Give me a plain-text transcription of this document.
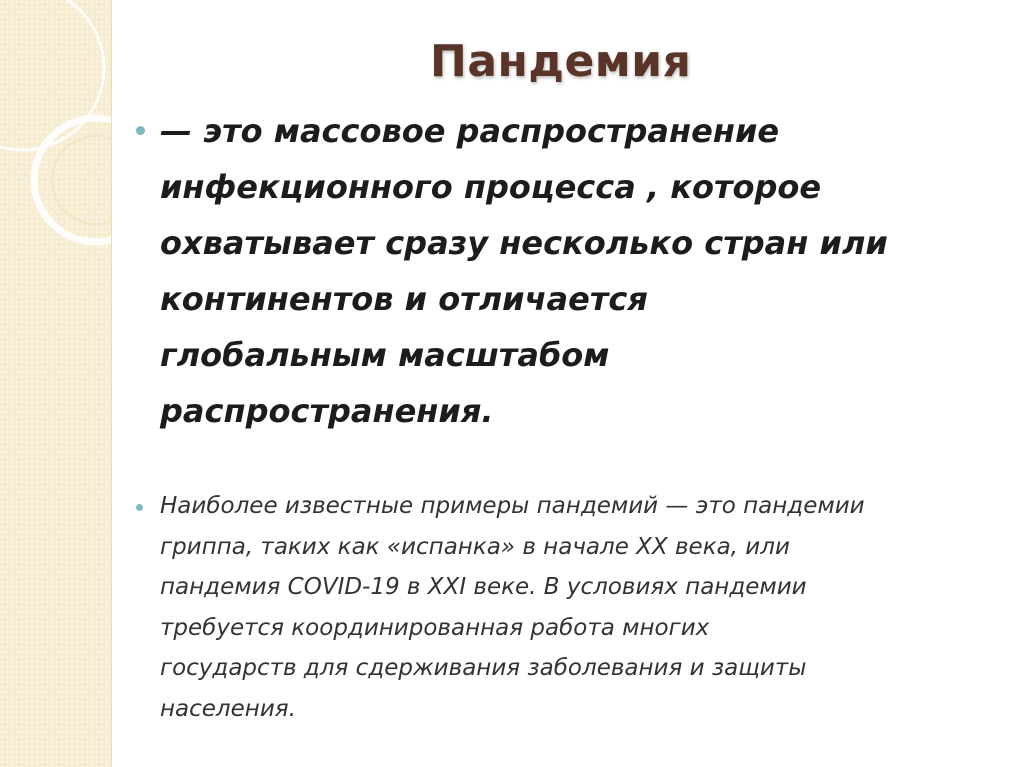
Пандемия

— это массовое распространение
инфекционного процесса , которое
охватывает сразу несколько стран или
континентов и отличается
глобальным масштабом
распространения.

Наиболее известные примеры пандемий — это пандемии
гриппа, таких как «испанка» в начале XX века, или
пандемия COVID-19 в XXI веке. В условиях пандемии
требуется координированная работа многих
государств для сдерживания заболевания и защиты
населения.
